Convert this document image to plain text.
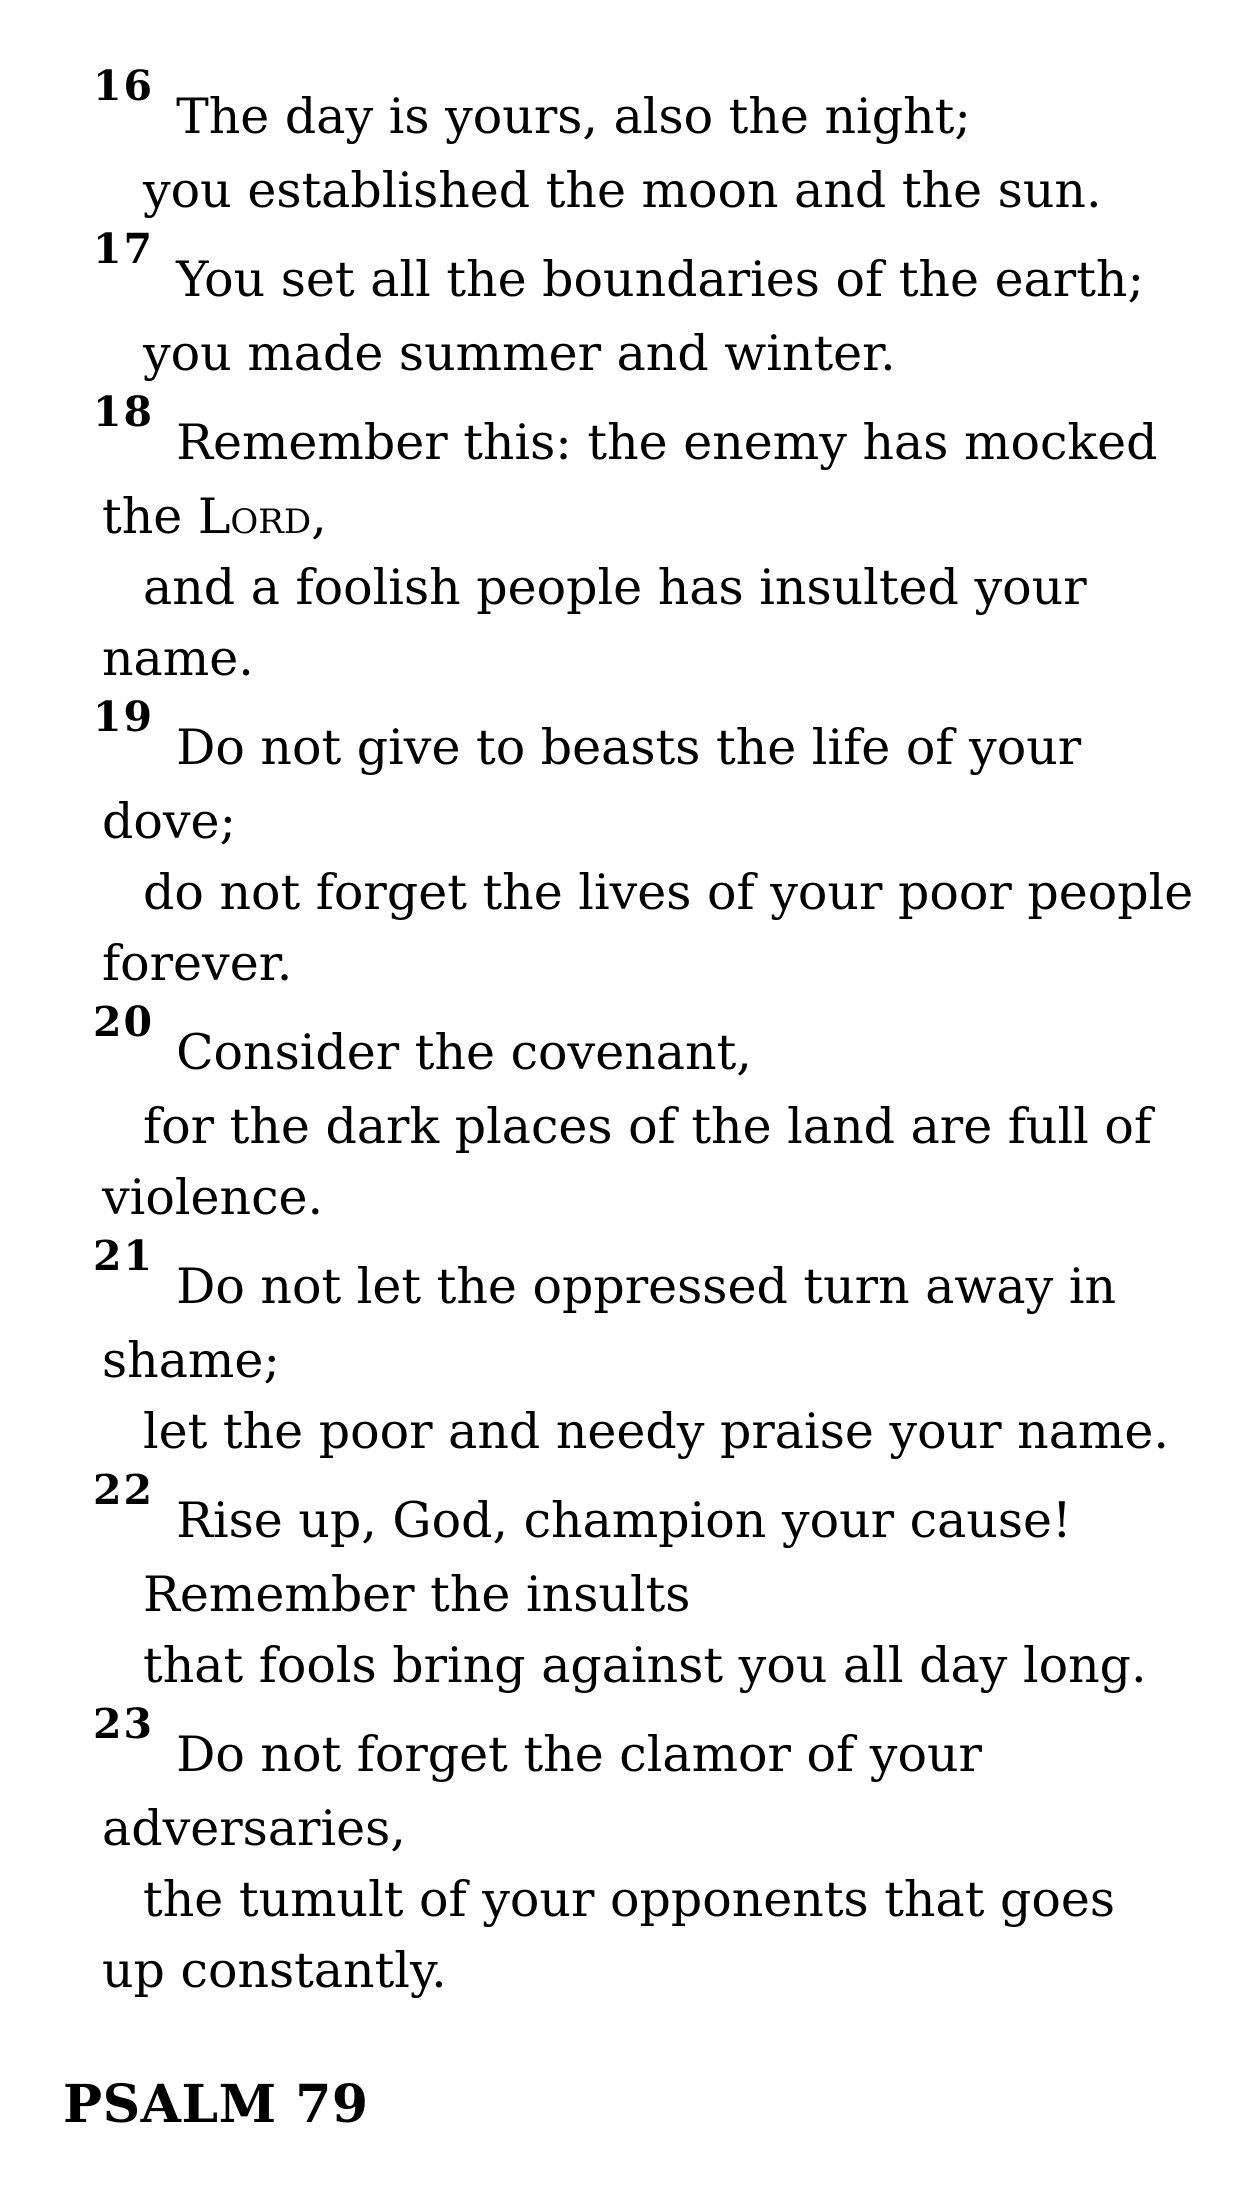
$^{16}$The day is yours, also the night;
you established the moon and the sun.
$^{17}$You set all the boundaries of the earth;
you made summer and winter.
$^{18}$Remember this: the enemy has mocked
the Lord,
and a foolish people has insulted your
name.
$^{19}$Do not give to beasts the life of your
dove;
do not forget the lives of your poor people
forever.
$^{20}$Consider the covenant,
for the dark places of the land are full of
violence.
$^{21}$Do not let the oppressed turn away in
shame;
let the poor and needy praise your name.
$^{22}$Rise up, God, champion your cause!
Remember the insults
that fools bring against you all day long.
$^{23}$Do not forget the clamor of your
adversaries,
the tumult of your opponents that goes
up constantly.
PSALM 79
